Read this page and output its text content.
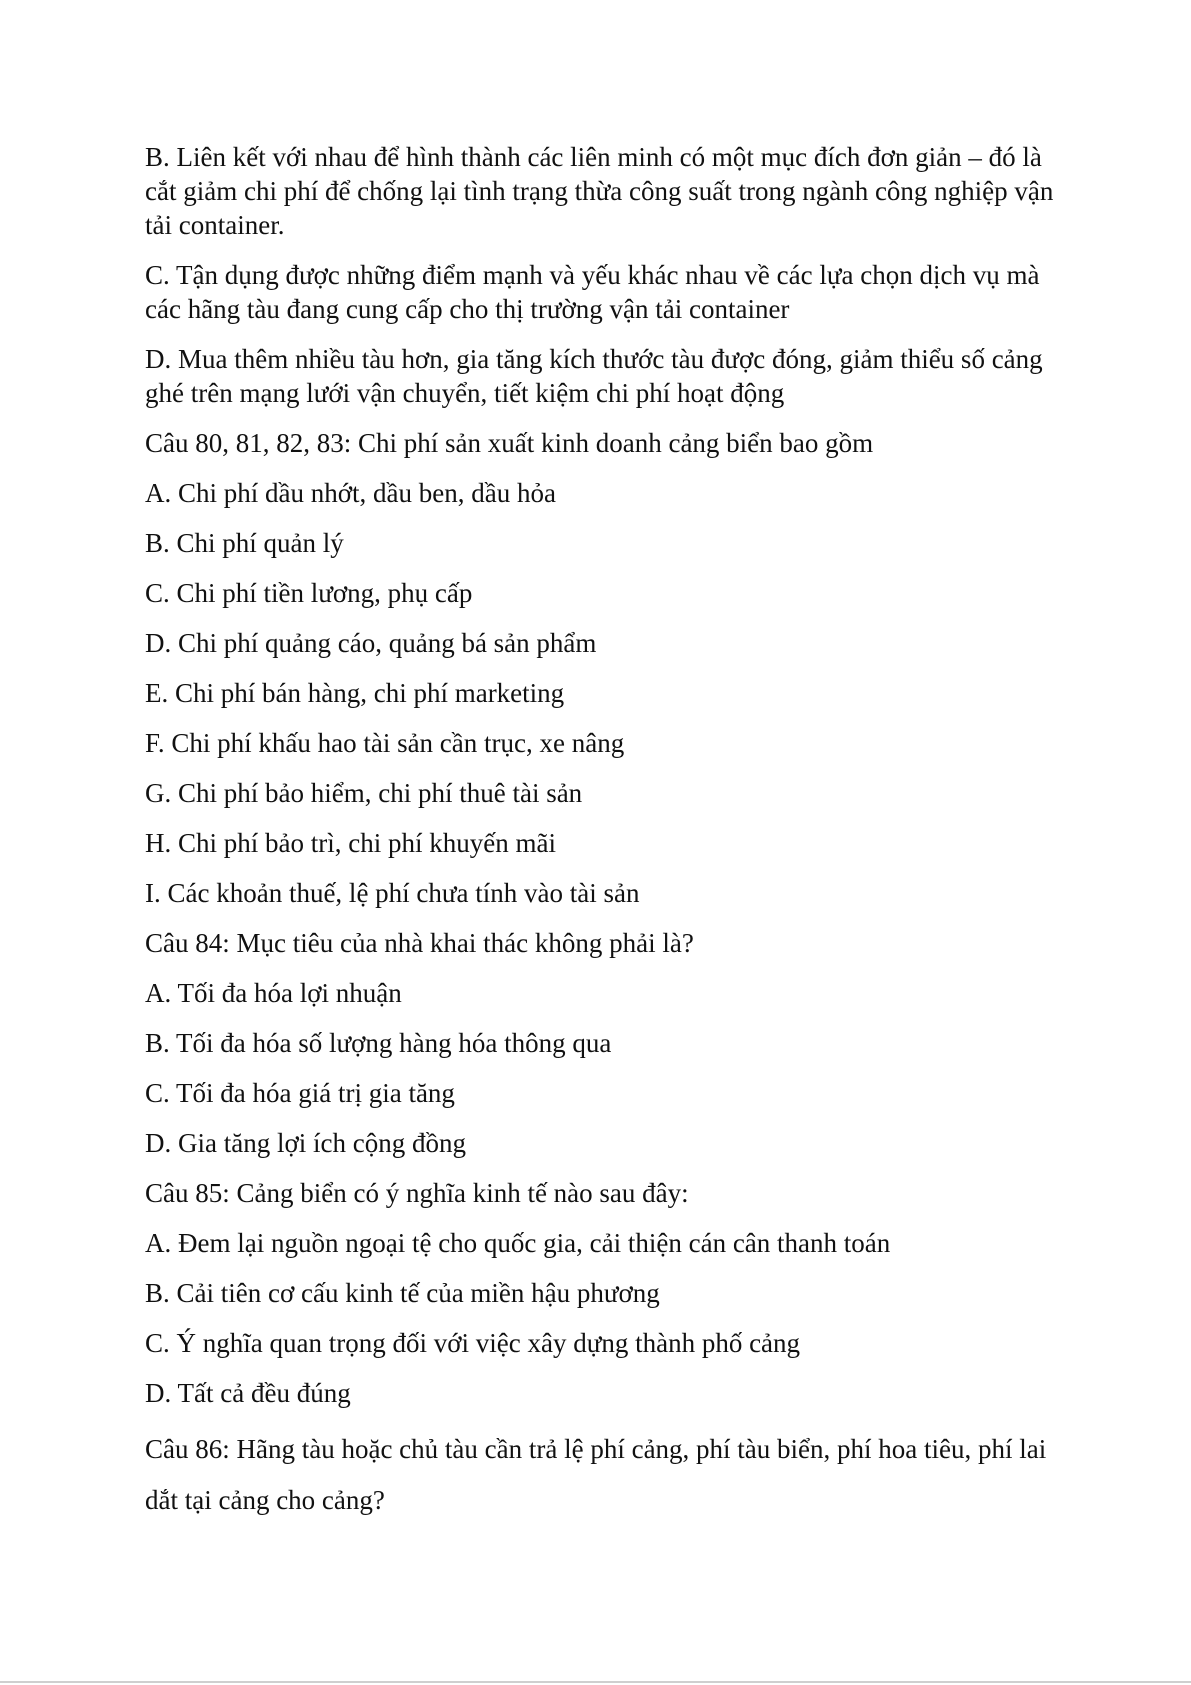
B. Liên kết với nhau để hình thành các liên minh có một mục đích đơn giản – đó là cắt giảm chi phí để chống lại tình trạng thừa công suất trong ngành công nghiệp vận tải container.

C. Tận dụng được những điểm mạnh và yếu khác nhau về các lựa chọn dịch vụ mà các hãng tàu đang cung cấp cho thị trường vận tải container

D. Mua thêm nhiều tàu hơn, gia tăng kích thước tàu được đóng, giảm thiểu số cảng ghé trên mạng lưới vận chuyển, tiết kiệm chi phí hoạt động

Câu 80, 81, 82, 83: Chi phí sản xuất kinh doanh cảng biển bao gồm

A. Chi phí dầu nhớt, dầu ben, dầu hỏa

B. Chi phí quản lý

C. Chi phí tiền lương, phụ cấp

D. Chi phí quảng cáo, quảng bá sản phẩm

E. Chi phí bán hàng, chi phí marketing

F. Chi phí khấu hao tài sản cần trục, xe nâng

G. Chi phí bảo hiểm, chi phí thuê tài sản

H. Chi phí bảo trì, chi phí khuyến mãi

I. Các khoản thuế, lệ phí chưa tính vào tài sản

Câu 84: Mục tiêu của nhà khai thác không phải là?

A. Tối đa hóa lợi nhuận

B. Tối đa hóa số lượng hàng hóa thông qua

C. Tối đa hóa giá trị gia tăng

D. Gia tăng lợi ích cộng đồng

Câu 85: Cảng biển có ý nghĩa kinh tế nào sau đây:

A. Đem lại nguồn ngoại tệ cho quốc gia, cải thiện cán cân thanh toán

B. Cải tiên cơ cấu kinh tế của miền hậu phương

C. Ý nghĩa quan trọng đối với việc xây dựng thành phố cảng

D. Tất cả đều đúng

Câu 86: Hãng tàu hoặc chủ tàu cần trả lệ phí cảng, phí tàu biển, phí hoa tiêu, phí lai dắt tại cảng cho cảng?
